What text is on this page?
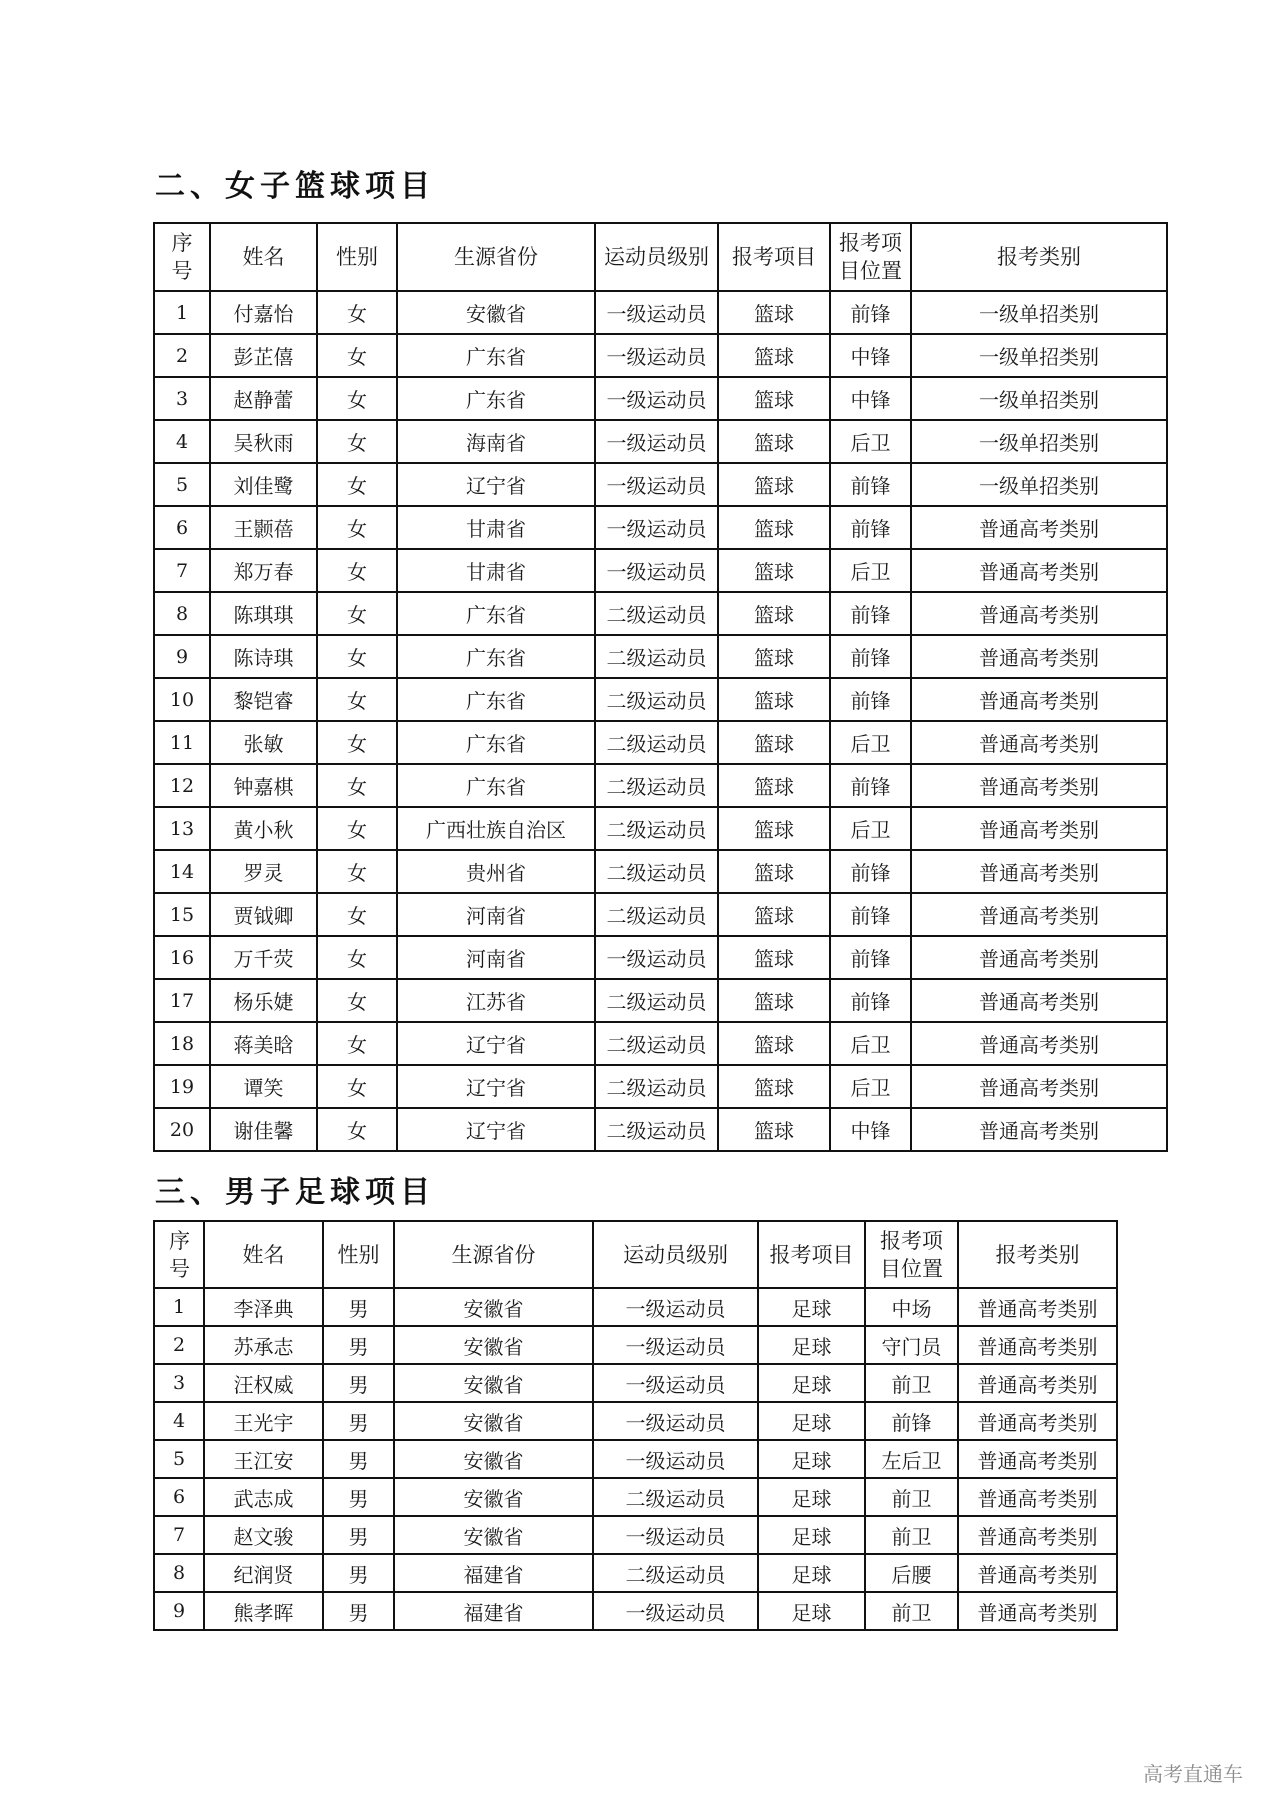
二、女子篮球项目
序号	姓名	性别	生源省份	运动员级别	报考项目	报考项目位置	报考类别
1	付嘉怡	女	安徽省	一级运动员	篮球	前锋	一级单招类别
2	彭芷僖	女	广东省	一级运动员	篮球	中锋	一级单招类别
3	赵静蕾	女	广东省	一级运动员	篮球	中锋	一级单招类别
4	吴秋雨	女	海南省	一级运动员	篮球	后卫	一级单招类别
5	刘佳鹭	女	辽宁省	一级运动员	篮球	前锋	一级单招类别
6	王颢蓓	女	甘肃省	一级运动员	篮球	前锋	普通高考类别
7	郑万春	女	甘肃省	一级运动员	篮球	后卫	普通高考类别
8	陈琪琪	女	广东省	二级运动员	篮球	前锋	普通高考类别
9	陈诗琪	女	广东省	二级运动员	篮球	前锋	普通高考类别
10	黎铠睿	女	广东省	二级运动员	篮球	前锋	普通高考类别
11	张敏	女	广东省	二级运动员	篮球	后卫	普通高考类别
12	钟嘉棋	女	广东省	二级运动员	篮球	前锋	普通高考类别
13	黄小秋	女	广西壮族自治区	二级运动员	篮球	后卫	普通高考类别
14	罗灵	女	贵州省	二级运动员	篮球	前锋	普通高考类别
15	贾钺卿	女	河南省	二级运动员	篮球	前锋	普通高考类别
16	万千荧	女	河南省	一级运动员	篮球	前锋	普通高考类别
17	杨乐婕	女	江苏省	二级运动员	篮球	前锋	普通高考类别
18	蒋美晗	女	辽宁省	二级运动员	篮球	后卫	普通高考类别
19	谭笑	女	辽宁省	二级运动员	篮球	后卫	普通高考类别
20	谢佳馨	女	辽宁省	二级运动员	篮球	中锋	普通高考类别
三、男子足球项目
序号	姓名	性别	生源省份	运动员级别	报考项目	报考项目位置	报考类别
1	李泽典	男	安徽省	一级运动员	足球	中场	普通高考类别
2	苏承志	男	安徽省	一级运动员	足球	守门员	普通高考类别
3	汪权威	男	安徽省	一级运动员	足球	前卫	普通高考类别
4	王光宇	男	安徽省	一级运动员	足球	前锋	普通高考类别
5	王江安	男	安徽省	一级运动员	足球	左后卫	普通高考类别
6	武志成	男	安徽省	二级运动员	足球	前卫	普通高考类别
7	赵文骏	男	安徽省	一级运动员	足球	前卫	普通高考类别
8	纪润贤	男	福建省	二级运动员	足球	后腰	普通高考类别
9	熊孝晖	男	福建省	一级运动员	足球	前卫	普通高考类别
高考直通车
